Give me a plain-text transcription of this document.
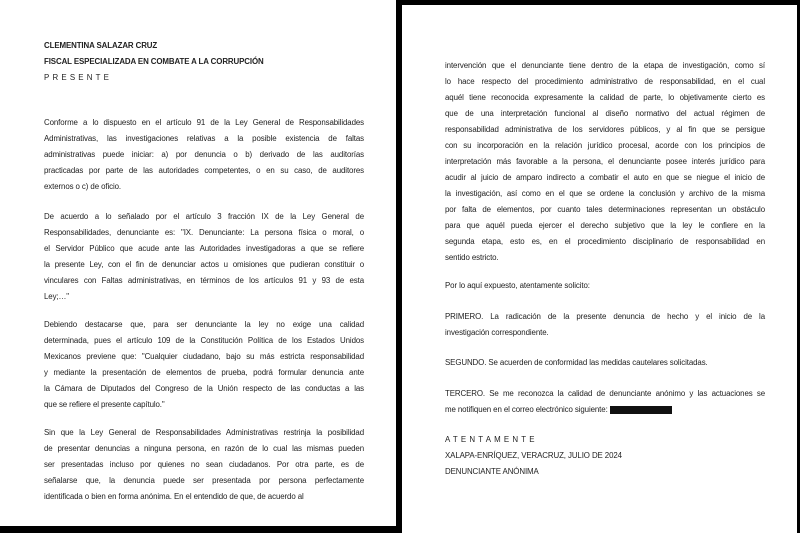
CLEMENTINA SALAZAR CRUZ
FISCAL ESPECIALIZADA EN COMBATE A LA CORRUPCIÓN
PRESENTE
Conforme a lo dispuesto en el artículo 91 de la Ley General de Responsabilidades
Administrativas, las investigaciones relativas a la posible existencia de faltas
administrativas puede iniciar: a) por denuncia o b) derivado de las auditorías
practicadas por parte de las autoridades competentes, o en su caso, de auditores
externos o c) de oficio.
De acuerdo a lo señalado por el artículo 3 fracción IX de la Ley General de
Responsabilidades, denunciante es: "IX. Denunciante: La persona física o moral, o
el Servidor Público que acude ante las Autoridades investigadoras a que se refiere
la presente Ley, con el fin de denunciar actos u omisiones que pudieran constituir o
vinculares con Faltas administrativas, en términos de los artículos 91 y 93 de esta
Ley;…"
Debiendo destacarse que, para ser denunciante la ley no exige una calidad
determinada, pues el artículo 109 de la Constitución Política de los Estados Unidos
Mexicanos previene que: "Cualquier ciudadano, bajo su más estricta responsabilidad
y mediante la presentación de elementos de prueba, podrá formular denuncia ante
la Cámara de Diputados del Congreso de la Unión respecto de las conductas a las
que se refiere el presente capítulo."
Sin que la Ley General de Responsabilidades Administrativas restrinja la posibilidad
de presentar denuncias a ninguna persona, en razón de lo cual las mismas pueden
ser presentadas incluso por quienes no sean ciudadanos. Por otra parte, es de
señalarse que, la denuncia puede ser presentada por persona perfectamente
identificada o bien en forma anónima. En el entendido de que, de acuerdo al
intervención que el denunciante tiene dentro de la etapa de investigación, como sí
lo hace respecto del procedimiento administrativo de responsabilidad, en el cual
aquél tiene reconocida expresamente la calidad de parte, lo objetivamente cierto es
que de una interpretación funcional al diseño normativo del actual régimen de
responsabilidad administrativa de los servidores públicos, y al fin que se persigue
con su incorporación en la relación jurídico procesal, acorde con los principios de
interpretación más favorable a la persona, el denunciante posee interés jurídico para
acudir al juicio de amparo indirecto a combatir el auto en que se niegue el inicio de
la investigación, así como en el que se ordene la conclusión y archivo de la misma
por falta de elementos, por cuanto tales determinaciones representan un obstáculo
para que aquél pueda ejercer el derecho subjetivo que la ley le confiere en la
segunda etapa, esto es, en el procedimiento disciplinario de responsabilidad en
sentido estricto.
Por lo aquí expuesto, atentamente solicito:
PRIMERO. La radicación de la presente denuncia de hecho y el inicio de la
investigación correspondiente.
SEGUNDO. Se acuerden de conformidad las medidas cautelares solicitadas.
TERCERO. Se me reconozca la calidad de denunciante anónimo y las actuaciones se
me notifiquen en el correo electrónico siguiente:
ATENTAMENTE
XALAPA-ENRÍQUEZ, VERACRUZ, JULIO DE 2024
DENUNCIANTE ANÓNIMA
